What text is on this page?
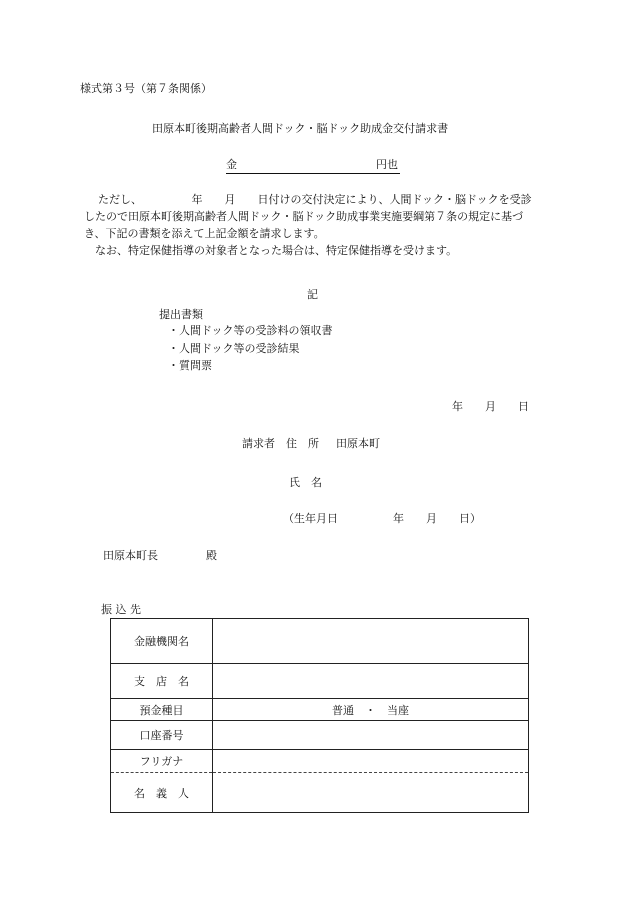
様式第３号（第７条関係）
田原本町後期高齢者人間ドック・脳ドック助成金交付請求書
金	円也

ただし、　　　　　年　　月　　日付けの交付決定により、人間ドック・脳ドックを受診

したので田原本町後期高齢者人間ドック・脳ドック助成事業実施要綱第７条の規定に基づ

き、下記の書類を添えて上記金額を請求します。

なお、特定保健指導の対象者となった場合は、特定保健指導を受けます。

記
提出書類
・人間ドック等の受診料の領収書
・人間ドック等の受診結果
・質問票
年　　月　　日
請求者　住　所 田原本町
氏　名
（生年月日　　　　　年　　月　　日）
田原本町長	殿
振 込 先
金融機関名	
支　店　名	
預金種目	普通　・　当座
口座番号	
フリガナ	
名　義　人	
